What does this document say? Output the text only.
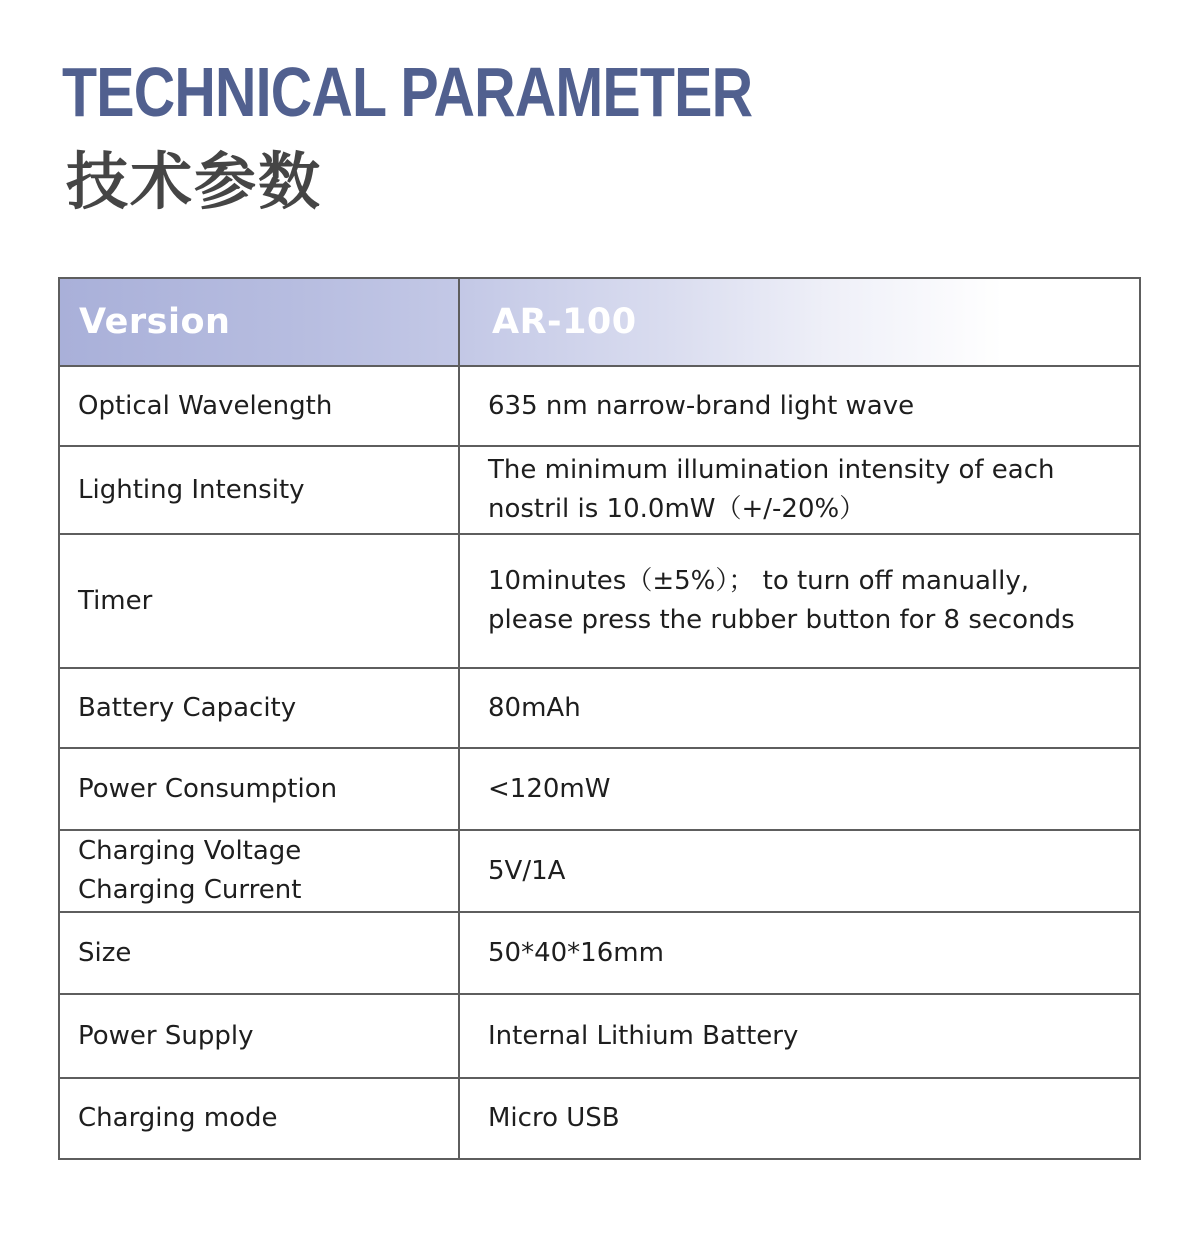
TECHNICAL PARAMETER
技术参数
Version	AR-100

Optical Wavelength	635 nm narrow-brand light wave

Lighting Intensity	The minimum illumination intensity of each
nostril is 10.0mW（+/-20%）

Timer	10minutes（±5%）； to turn off manually,
please press the rubber button for 8 seconds

Battery Capacity	80mAh

Power Consumption	<120mW

Charging Voltage
Charging Current	5V/1A

Size	50*40*16mm

Power Supply	Internal Lithium Battery

Charging mode	Micro USB
